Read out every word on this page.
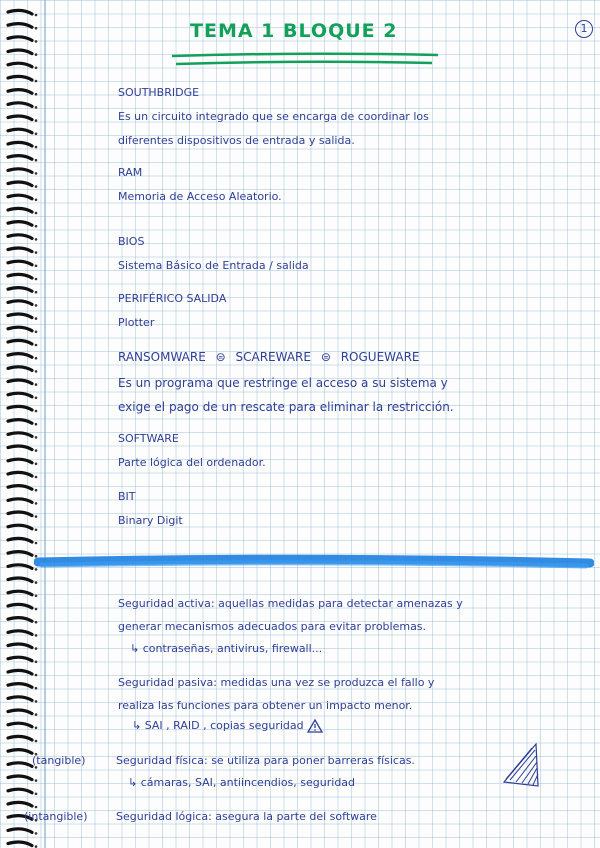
1
TEMA 1 BLOQUE 2
SOUTHBRIDGE
Es un circuito integrado que se encarga de coordinar los
diferentes dispositivos de entrada y salida.
RAM
Memoria de Acceso Aleatorio.
BIOS
Sistema Básico de Entrada / salida
PERIFÉRICO SALIDA
Plotter
RANSOMWARE ⊜ SCAREWARE ⊜ ROGUEWARE
Es un programa que restringe el acceso a su sistema y
exige el pago de un rescate para eliminar la restricción.
SOFTWARE
Parte lógica del ordenador.
BIT
Binary Digit
Seguridad activa: aquellas medidas para detectar amenazas y
generar mecanismos adecuados para evitar problemas.
↳ contraseñas, antivirus, firewall...
Seguridad pasiva: medidas una vez se produzca el fallo y
realiza las funciones para obtener un impacto menor.
↳ SAI , RAID , copias seguridad
(tangible)	Seguridad física: se utiliza para poner barreras físicas.
↳ cámaras, SAI, antiincendios, seguridad
(intangible)	Seguridad lógica: asegura la parte del software
